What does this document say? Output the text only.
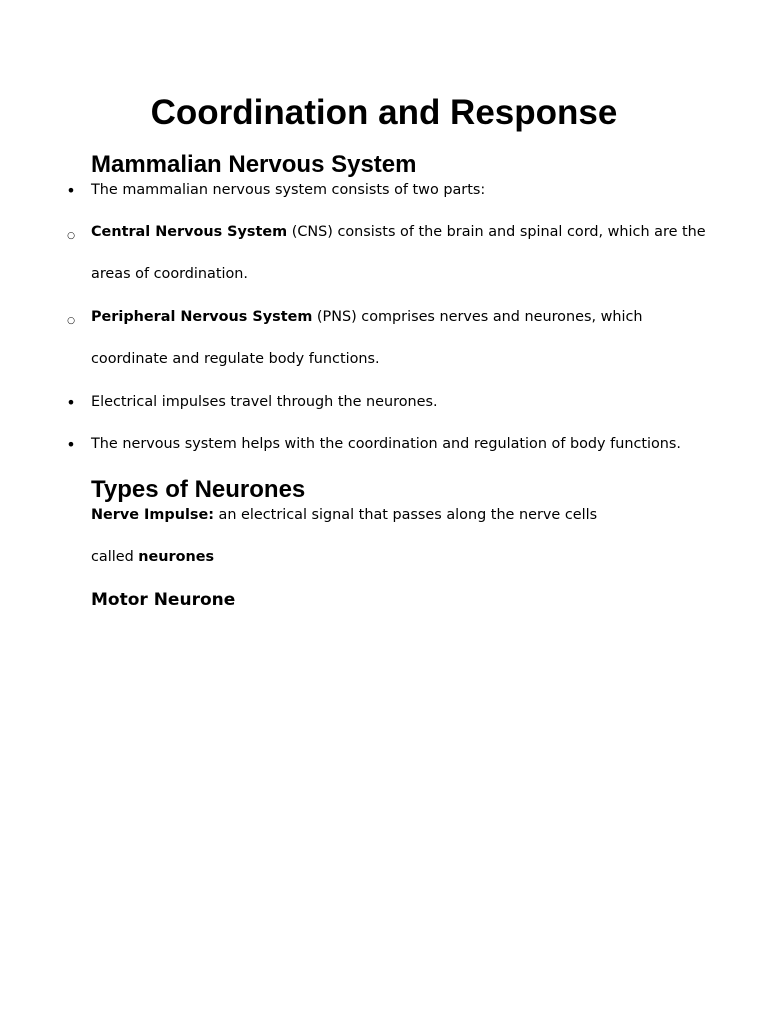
Coordination and Response
Mammalian Nervous System
•
The mammalian nervous system consists of two parts:
○
Central Nervous System (CNS) consists of the brain and spinal cord, which are the
areas of coordination.
○
Peripheral Nervous System (PNS) comprises nerves and neurones, which
coordinate and regulate body functions.
•
Electrical impulses travel through the neurones.
•
The nervous system helps with the coordination and regulation of body functions.
Types of Neurones
Nerve Impulse: an electrical signal that passes along the nerve cells
called neurones
Motor Neurone
